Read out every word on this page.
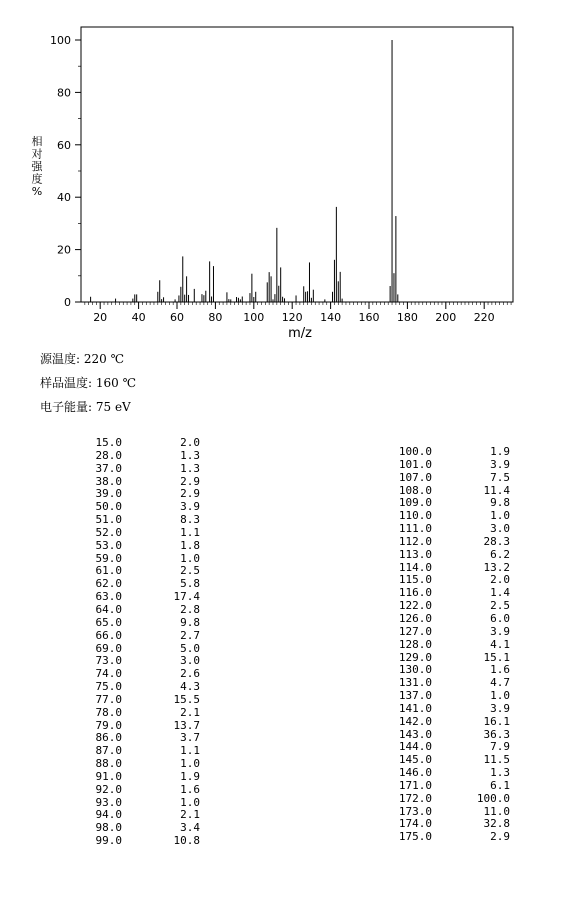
20 40 60 80 100 120 140 160 180 200 220
0
20
40
60
80
100
m/z
相
对
强
度
%
源温度: 220 ℃
样品温度: 160 ℃
电子能量: 75 eV
15.0	2.0
28.0	1.3
37.0	1.3
38.0	2.9
39.0	2.9
50.0	3.9
51.0	8.3
52.0	1.1
53.0	1.8
59.0	1.0
61.0	2.5
62.0	5.8
63.0	17.4
64.0	2.8
65.0	9.8
66.0	2.7
69.0	5.0
73.0	3.0
74.0	2.6
75.0	4.3
77.0	15.5
78.0	2.1
79.0	13.7
86.0	3.7
87.0	1.1
88.0	1.0
91.0	1.9
92.0	1.6
93.0	1.0
94.0	2.1
98.0	3.4
99.0	10.8
100.0	1.9
101.0	3.9
107.0	7.5
108.0	11.4
109.0	9.8
110.0	1.0
111.0	3.0
112.0	28.3
113.0	6.2
114.0	13.2
115.0	2.0
116.0	1.4
122.0	2.5
126.0	6.0
127.0	3.9
128.0	4.1
129.0	15.1
130.0	1.6
131.0	4.7
137.0	1.0
141.0	3.9
142.0	16.1
143.0	36.3
144.0	7.9
145.0	11.5
146.0	1.3
171.0	6.1
172.0	100.0
173.0	11.0
174.0	32.8
175.0	2.9
